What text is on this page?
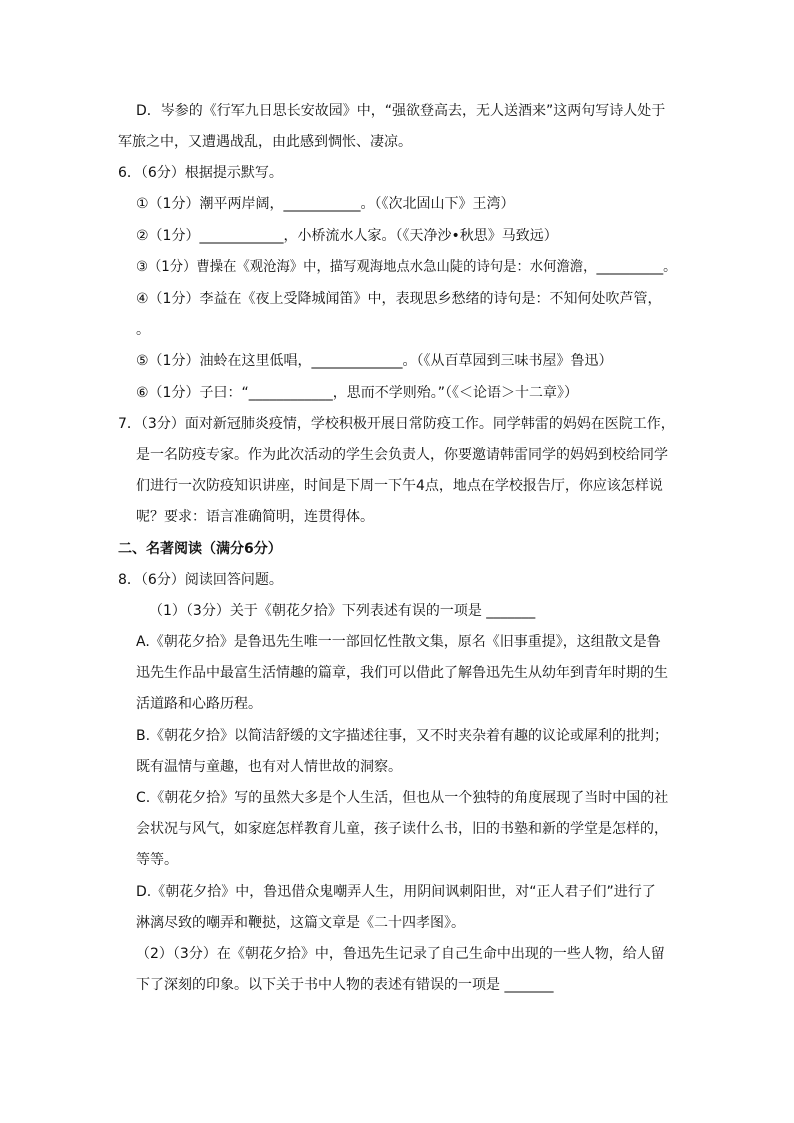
D．岑参的《行军九日思长安故园》中，“强欲登高去，无人送酒来”这两句写诗人处于
军旅之中，又遭遇战乱，由此感到惆怅、凄凉。
6．（6分）根据提示默写。
①（1分）潮平两岸阔，___________。（《次北固山下》王湾）
②（1分）____________，小桥流水人家。（《天净沙•秋思》马致远）
③（1分）曹操在《观沧海》中，描写观海地点水急山陡的诗句是：水何澹澹，__________。
④（1分）李益在《夜上受降城闻笛》中，表现思乡愁绪的诗句是：不知何处吹芦管，
。
⑤（1分）油蛉在这里低唱，_____________。（《从百草园到三味书屋》鲁迅）
⑥（1分）子曰：“____________，思而不学则殆。”（《＜论语＞十二章》）
7．（3分）面对新冠肺炎疫情，学校积极开展日常防疫工作。同学韩雷的妈妈在医院工作，
是一名防疫专家。作为此次活动的学生会负责人，你要邀请韩雷同学的妈妈到校给同学
们进行一次防疫知识讲座，时间是下周一下午4点，地点在学校报告厅，你应该怎样说
呢？要求：语言准确简明，连贯得体。
二、名著阅读（满分6分）
8．（6分）阅读回答问题。
（1）（3分）关于《朝花夕拾》下列表述有误的一项是 _______
A.《朝花夕拾》是鲁迅先生唯一一部回忆性散文集，原名《旧事重提》，这组散文是鲁
迅先生作品中最富生活情趣的篇章，我们可以借此了解鲁迅先生从幼年到青年时期的生
活道路和心路历程。
B.《朝花夕拾》以简洁舒缓的文字描述往事，又不时夹杂着有趣的议论或犀利的批判；
既有温情与童趣，也有对人情世故的洞察。
C.《朝花夕拾》写的虽然大多是个人生活，但也从一个独特的角度展现了当时中国的社
会状况与风气，如家庭怎样教育儿童，孩子读什么书，旧的书塾和新的学堂是怎样的，
等等。
D.《朝花夕拾》中，鲁迅借众鬼嘲弄人生，用阴间讽刺阳世，对“正人君子们”进行了
淋漓尽致的嘲弄和鞭挞，这篇文章是《二十四孝图》。
（2）（3分）在《朝花夕拾》中，鲁迅先生记录了自己生命中出现的一些人物，给人留
下了深刻的印象。以下关于书中人物的表述有错误的一项是 _______
